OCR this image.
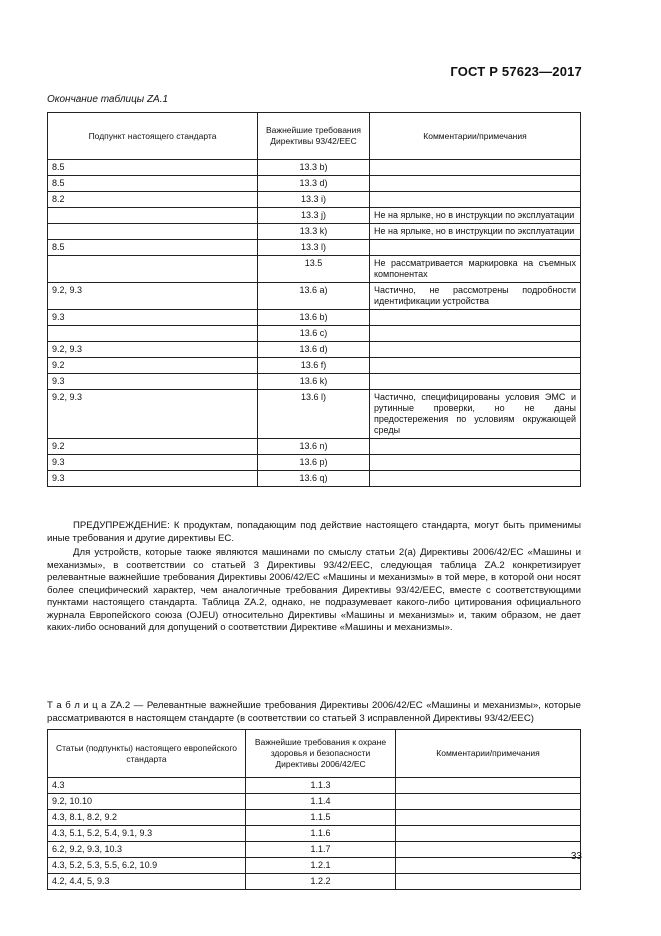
ГОСТ Р 57623—2017
Окончание таблицы ZA.1
Подпункт настоящего стандарта	Важнейшие требования Директивы 93/42/EEC	Комментарии/примечания
8.5	13.3 b)	
8.5	13.3 d)	
8.2	13.3 i)	
	13.3 j)	Не на ярлыке, но в инструкции по эксплуатации
	13.3 k)	Не на ярлыке, но в инструкции по эксплуатации
8.5	13.3 l)	
	13.5	Не рассматривается маркировка на съемных компонентах
9.2, 9.3	13.6 a)	Частично, не рассмотрены подробности идентификации устройства
9.3	13.6 b)	
	13.6 c)	
9.2, 9.3	13.6 d)	
9.2	13.6 f)	
9.3	13.6 k)	
9.2, 9.3	13.6 l)	Частично, специфицированы условия ЭМС и рутинные проверки, но не даны предостережения по условиям окружающей среды
9.2	13.6 n)	
9.3	13.6 p)	
9.3	13.6 q)	
ПРЕДУПРЕЖДЕНИЕ: К продуктам, попадающим под действие настоящего стандарта, могут быть применимы иные требования и другие директивы ЕС.
Для устройств, которые также являются машинами по смыслу статьи 2(а) Директивы 2006/42/ЕС «Машины и механизмы», в соответствии со статьей 3 Директивы 93/42/EEC, следующая таблица ZA.2 конкретизирует релевантные важнейшие требования Директивы 2006/42/ЕС «Машины и механизмы» в той мере, в которой они носят более специфический характер, чем аналогичные требования Директивы 93/42/EEC, вместе с соответствующими пунктами настоящего стандарта. Таблица ZA.2, однако, не подразумевает какого-либо цитирования официального журнала Европейского союза (OJEU) относительно Директивы «Машины и механизмы» и, таким образом, не дает каких-либо оснований для допущений о соответствии Директиве «Машины и механизмы».
Т а б л и ц а ZA.2 — Релевантные важнейшие требования Директивы 2006/42/ЕС «Машины и механизмы», которые рассматриваются в настоящем стандарте (в соответствии со статьей 3 исправленной Директивы 93/42/EEC)
Статьи (подпункты) настоящего европейского стандарта	Важнейшие требования к охране здоровья и безопасности Директивы 2006/42/ЕС	Комментарии/примечания
4.3	1.1.3	
9.2, 10.10	1.1.4	
4.3, 8.1, 8.2, 9.2	1.1.5	
4.3, 5.1, 5.2, 5.4, 9.1, 9.3	1.1.6	
6.2, 9.2, 9.3, 10.3	1.1.7	
4.3, 5.2, 5.3, 5.5, 6.2, 10.9	1.2.1	
4.2, 4.4, 5, 9.3	1.2.2	
33
